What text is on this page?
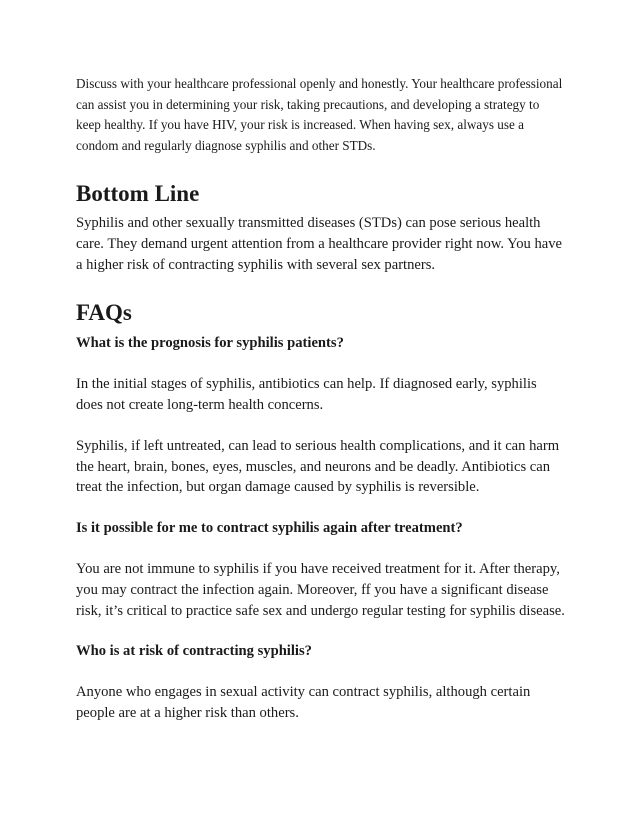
Discuss with your healthcare professional openly and honestly. Your healthcare professional can assist you in determining your risk, taking precautions, and developing a strategy to keep healthy. If you have HIV, your risk is increased. When having sex, always use a condom and regularly diagnose syphilis and other STDs.

Bottom Line

Syphilis and other sexually transmitted diseases (STDs) can pose serious health care. They demand urgent attention from a healthcare provider right now. You have a higher risk of contracting syphilis with several sex partners.

FAQs

What is the prognosis for syphilis patients?

In the initial stages of syphilis, antibiotics can help. If diagnosed early, syphilis does not create long-term health concerns.

Syphilis, if left untreated, can lead to serious health complications, and it can harm the heart, brain, bones, eyes, muscles, and neurons and be deadly. Antibiotics can treat the infection, but organ damage caused by syphilis is reversible.

Is it possible for me to contract syphilis again after treatment?

You are not immune to syphilis if you have received treatment for it. After therapy, you may contract the infection again. Moreover, ff you have a significant disease risk, it’s critical to practice safe sex and undergo regular testing for syphilis disease.

Who is at risk of contracting syphilis?

Anyone who engages in sexual activity can contract syphilis, although certain people are at a higher risk than others.
